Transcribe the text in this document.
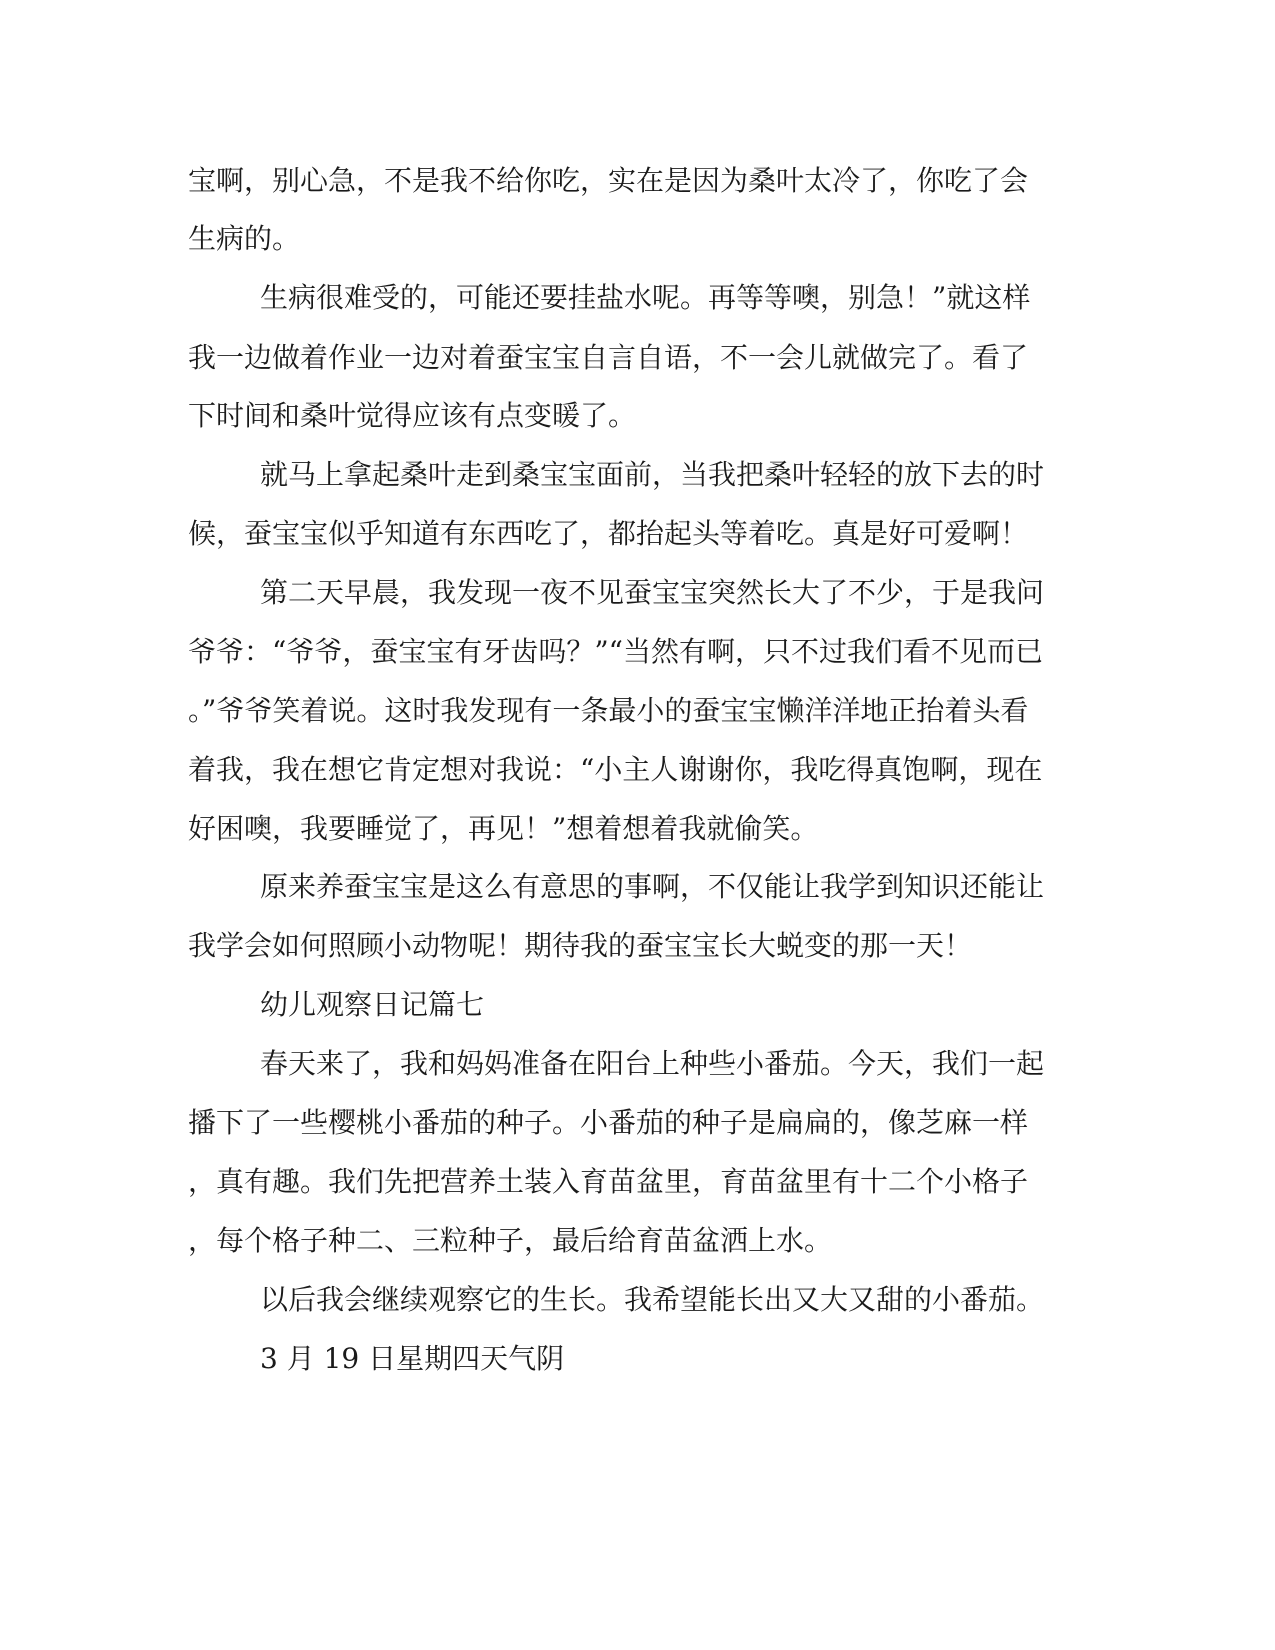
宝啊，别心急，不是我不给你吃，实在是因为桑叶太冷了，你吃了会

生病的。

生病很难受的，可能还要挂盐水呢。再等等噢，别急！”就这样

我一边做着作业一边对着蚕宝宝自言自语，不一会儿就做完了。看了

下时间和桑叶觉得应该有点变暖了。

就马上拿起桑叶走到桑宝宝面前，当我把桑叶轻轻的放下去的时

候，蚕宝宝似乎知道有东西吃了，都抬起头等着吃。真是好可爱啊！

第二天早晨，我发现一夜不见蚕宝宝突然长大了不少，于是我问

爷爷：“爷爷，蚕宝宝有牙齿吗？”“当然有啊，只不过我们看不见而已

。”爷爷笑着说。这时我发现有一条最小的蚕宝宝懒洋洋地正抬着头看

着我，我在想它肯定想对我说：“小主人谢谢你，我吃得真饱啊，现在

好困噢，我要睡觉了，再见！”想着想着我就偷笑。

原来养蚕宝宝是这么有意思的事啊，不仅能让我学到知识还能让

我学会如何照顾小动物呢！期待我的蚕宝宝长大蜕变的那一天！

幼儿观察日记篇七

春天来了，我和妈妈准备在阳台上种些小番茄。今天，我们一起

播下了一些樱桃小番茄的种子。小番茄的种子是扁扁的，像芝麻一样

，真有趣。我们先把营养土装入育苗盆里，育苗盆里有十二个小格子

，每个格子种二、三粒种子，最后给育苗盆洒上水。

以后我会继续观察它的生长。我希望能长出又大又甜的小番茄。

3 月 19 日星期四天气阴
